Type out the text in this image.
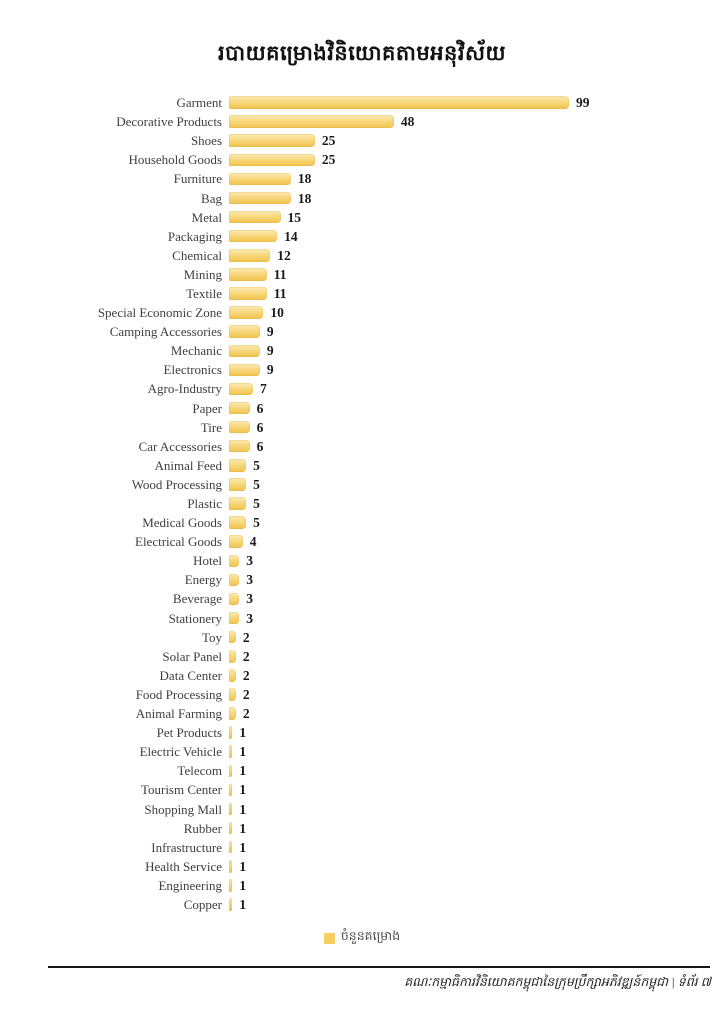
របាយគម្រោងវិនិយោគតាមអនុវិស័យ
Garment	99
Decorative Products	48
Shoes	25
Household Goods	25
Furniture	18
Bag	18
Metal	15
Packaging	14
Chemical	12
Mining	11
Textile	11
Special Economic Zone	10
Camping Accessories	9
Mechanic	9
Electronics	9
Agro-Industry	7
Paper	6
Tire	6
Car Accessories	6
Animal Feed	5
Wood Processing	5
Plastic	5
Medical Goods	5
Electrical Goods	4
Hotel	3
Energy	3
Beverage	3
Stationery	3
Toy	2
Solar Panel	2
Data Center	2
Food Processing	2
Animal Farming	2
Pet Products	1
Electric Vehicle	1
Telecom	1
Tourism Center	1
Shopping Mall	1
Rubber	1
Infrastructure	1
Health Service	1
Engineering	1
Copper	1
ចំនួនគម្រោង
គណៈកម្មាធិការវិនិយោគកម្ពុជានៃក្រុមប្រឹក្សាអភិវឌ្ឍន៍កម្ពុជា | ទំព័រ ៧
